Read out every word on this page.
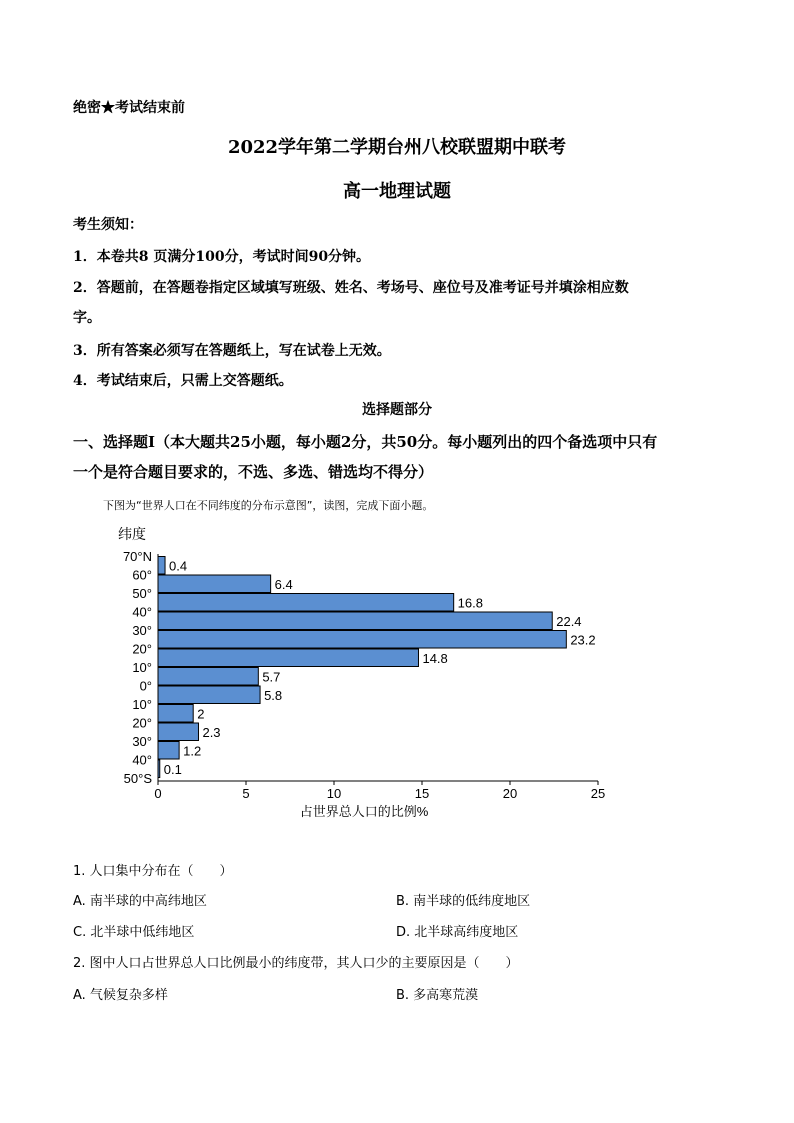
绝密★考试结束前
2022学年第二学期台州八校联盟期中联考
高一地理试题
考生须知：
1．本卷共8 页满分100分，考试时间90分钟。
2．答题前，在答题卷指定区域填写班级、姓名、考场号、座位号及准考证号并填涂相应数
字。
3．所有答案必须写在答题纸上，写在试卷上无效。
4．考试结束后，只需上交答题纸。
选择题部分
一、选择题Ⅰ（本大题共25小题，每小题2分，共50分。每小题列出的四个备选项中只有
一个是符合题目要求的，不选、多选、错选均不得分）
下图为“世界人口在不同纬度的分布示意图”，读图，完成下面小题。
纬度
0.4
6.4
16.8
22.4
23.2
14.8
5.7
5.8
2
2.3
1.2
0.1
70°N
60°
50°
40°
30°
20°
10°
0°
10°
20°
30°
40°
50°S
0	5	10	15	20	25
占世界总人口的比例%
1. 人口集中分布在（　　）
A. 南半球的中高纬地区	B. 南半球的低纬度地区
C. 北半球中低纬地区	D. 北半球高纬度地区
2. 图中人口占世界总人口比例最小的纬度带，其人口少的主要原因是（　　）
A. 气候复杂多样	B. 多高寒荒漠
